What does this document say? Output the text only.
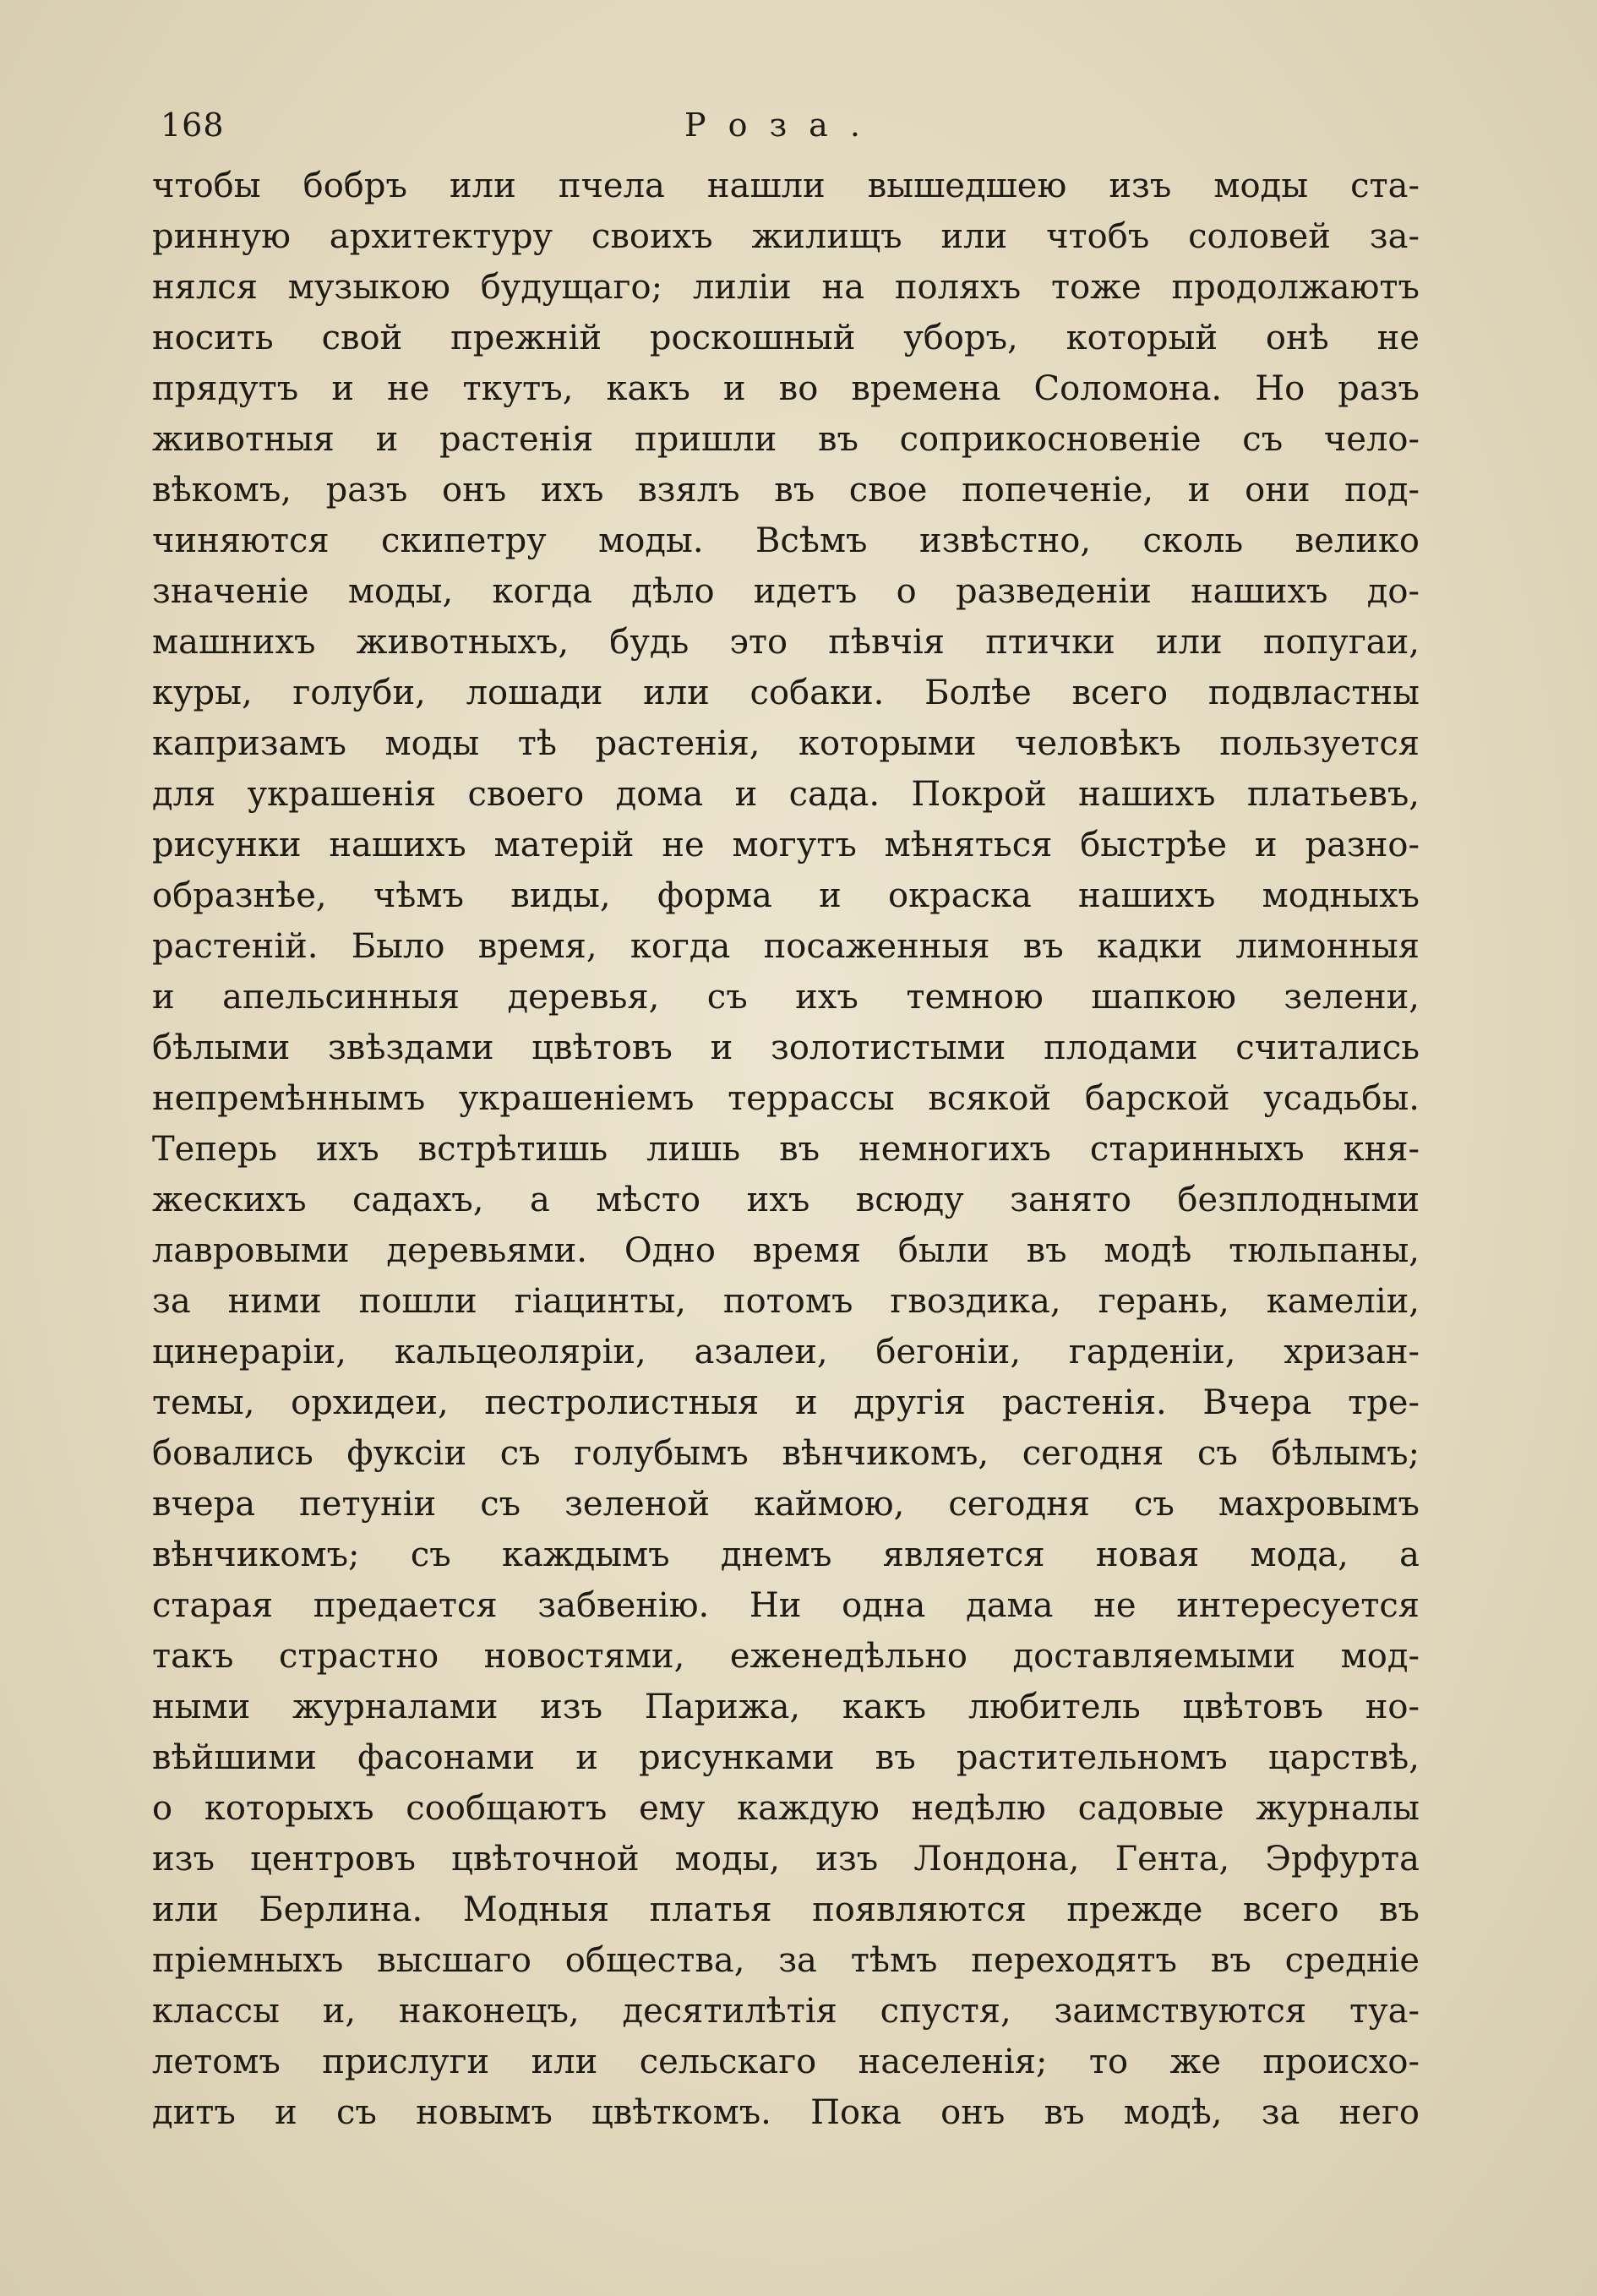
168	Роза.
чтобы бобръ или пчела нашли вышедшею изъ моды ста-
ринную архитектуру своихъ жилищъ или чтобъ соловей за-
нялся музыкою будущаго; лилiи на поляхъ тоже продолжаютъ
носить свой прежнiй роскошный уборъ, который онѣ не
прядутъ и не ткутъ, какъ и во времена Соломона. Но разъ
животныя и растенiя пришли въ соприкосновенiе съ чело-
вѣкомъ, разъ онъ ихъ взялъ въ свое попеченiе, и они под-
чиняются скипетру моды. Всѣмъ извѣстно, сколь велико
значенiе моды, когда дѣло идетъ о разведенiи нашихъ до-
машнихъ животныхъ, будь это пѣвчiя птички или попугаи,
куры, голуби, лошади или собаки. Болѣе всего подвластны
капризамъ моды тѣ растенiя, которыми человѣкъ пользуется
для украшенiя своего дома и сада. Покрой нашихъ платьевъ,
рисунки нашихъ матерiй не могутъ мѣняться быстрѣе и разно-
образнѣе, чѣмъ виды, форма и окраска нашихъ модныхъ
растенiй. Было время, когда посаженныя въ кадки лимонныя
и апельсинныя деревья, съ ихъ темною шапкою зелени,
бѣлыми звѣздами цвѣтовъ и золотистыми плодами считались
непремѣннымъ украшенiемъ террассы всякой барской усадьбы.
Теперь ихъ встрѣтишь лишь въ немногихъ старинныхъ кня-
жескихъ садахъ, а мѣсто ихъ всюду занято безплодными
лавровыми деревьями. Одно время были въ модѣ тюльпаны,
за ними пошли гiацинты, потомъ гвоздика, герань, камелiи,
цинерарiи, кальцеолярiи, азалеи, бегонiи, гарденiи, хризан-
темы, орхидеи, пестролистныя и другiя растенiя. Вчера тре-
бовались фуксiи съ голубымъ вѣнчикомъ, сегодня съ бѣлымъ;
вчера петунiи съ зеленой каймою, сегодня съ махровымъ
вѣнчикомъ; съ каждымъ днемъ является новая мода, а
старая предается забвенiю. Ни одна дама не интересуется
такъ страстно новостями, еженедѣльно доставляемыми мод-
ными журналами изъ Парижа, какъ любитель цвѣтовъ но-
вѣйшими фасонами и рисунками въ растительномъ царствѣ,
о которыхъ сообщаютъ ему каждую недѣлю садовые журналы
изъ центровъ цвѣточной моды, изъ Лондона, Гента, Эрфурта
или Берлина. Модныя платья появляются прежде всего въ
прiемныхъ высшаго общества, за тѣмъ переходятъ въ среднiе
классы и, наконецъ, десятилѣтiя спустя, заимствуются туа-
летомъ прислуги или сельскаго населенiя; то же происхо-
дитъ и съ новымъ цвѣткомъ. Пока онъ въ модѣ, за него
